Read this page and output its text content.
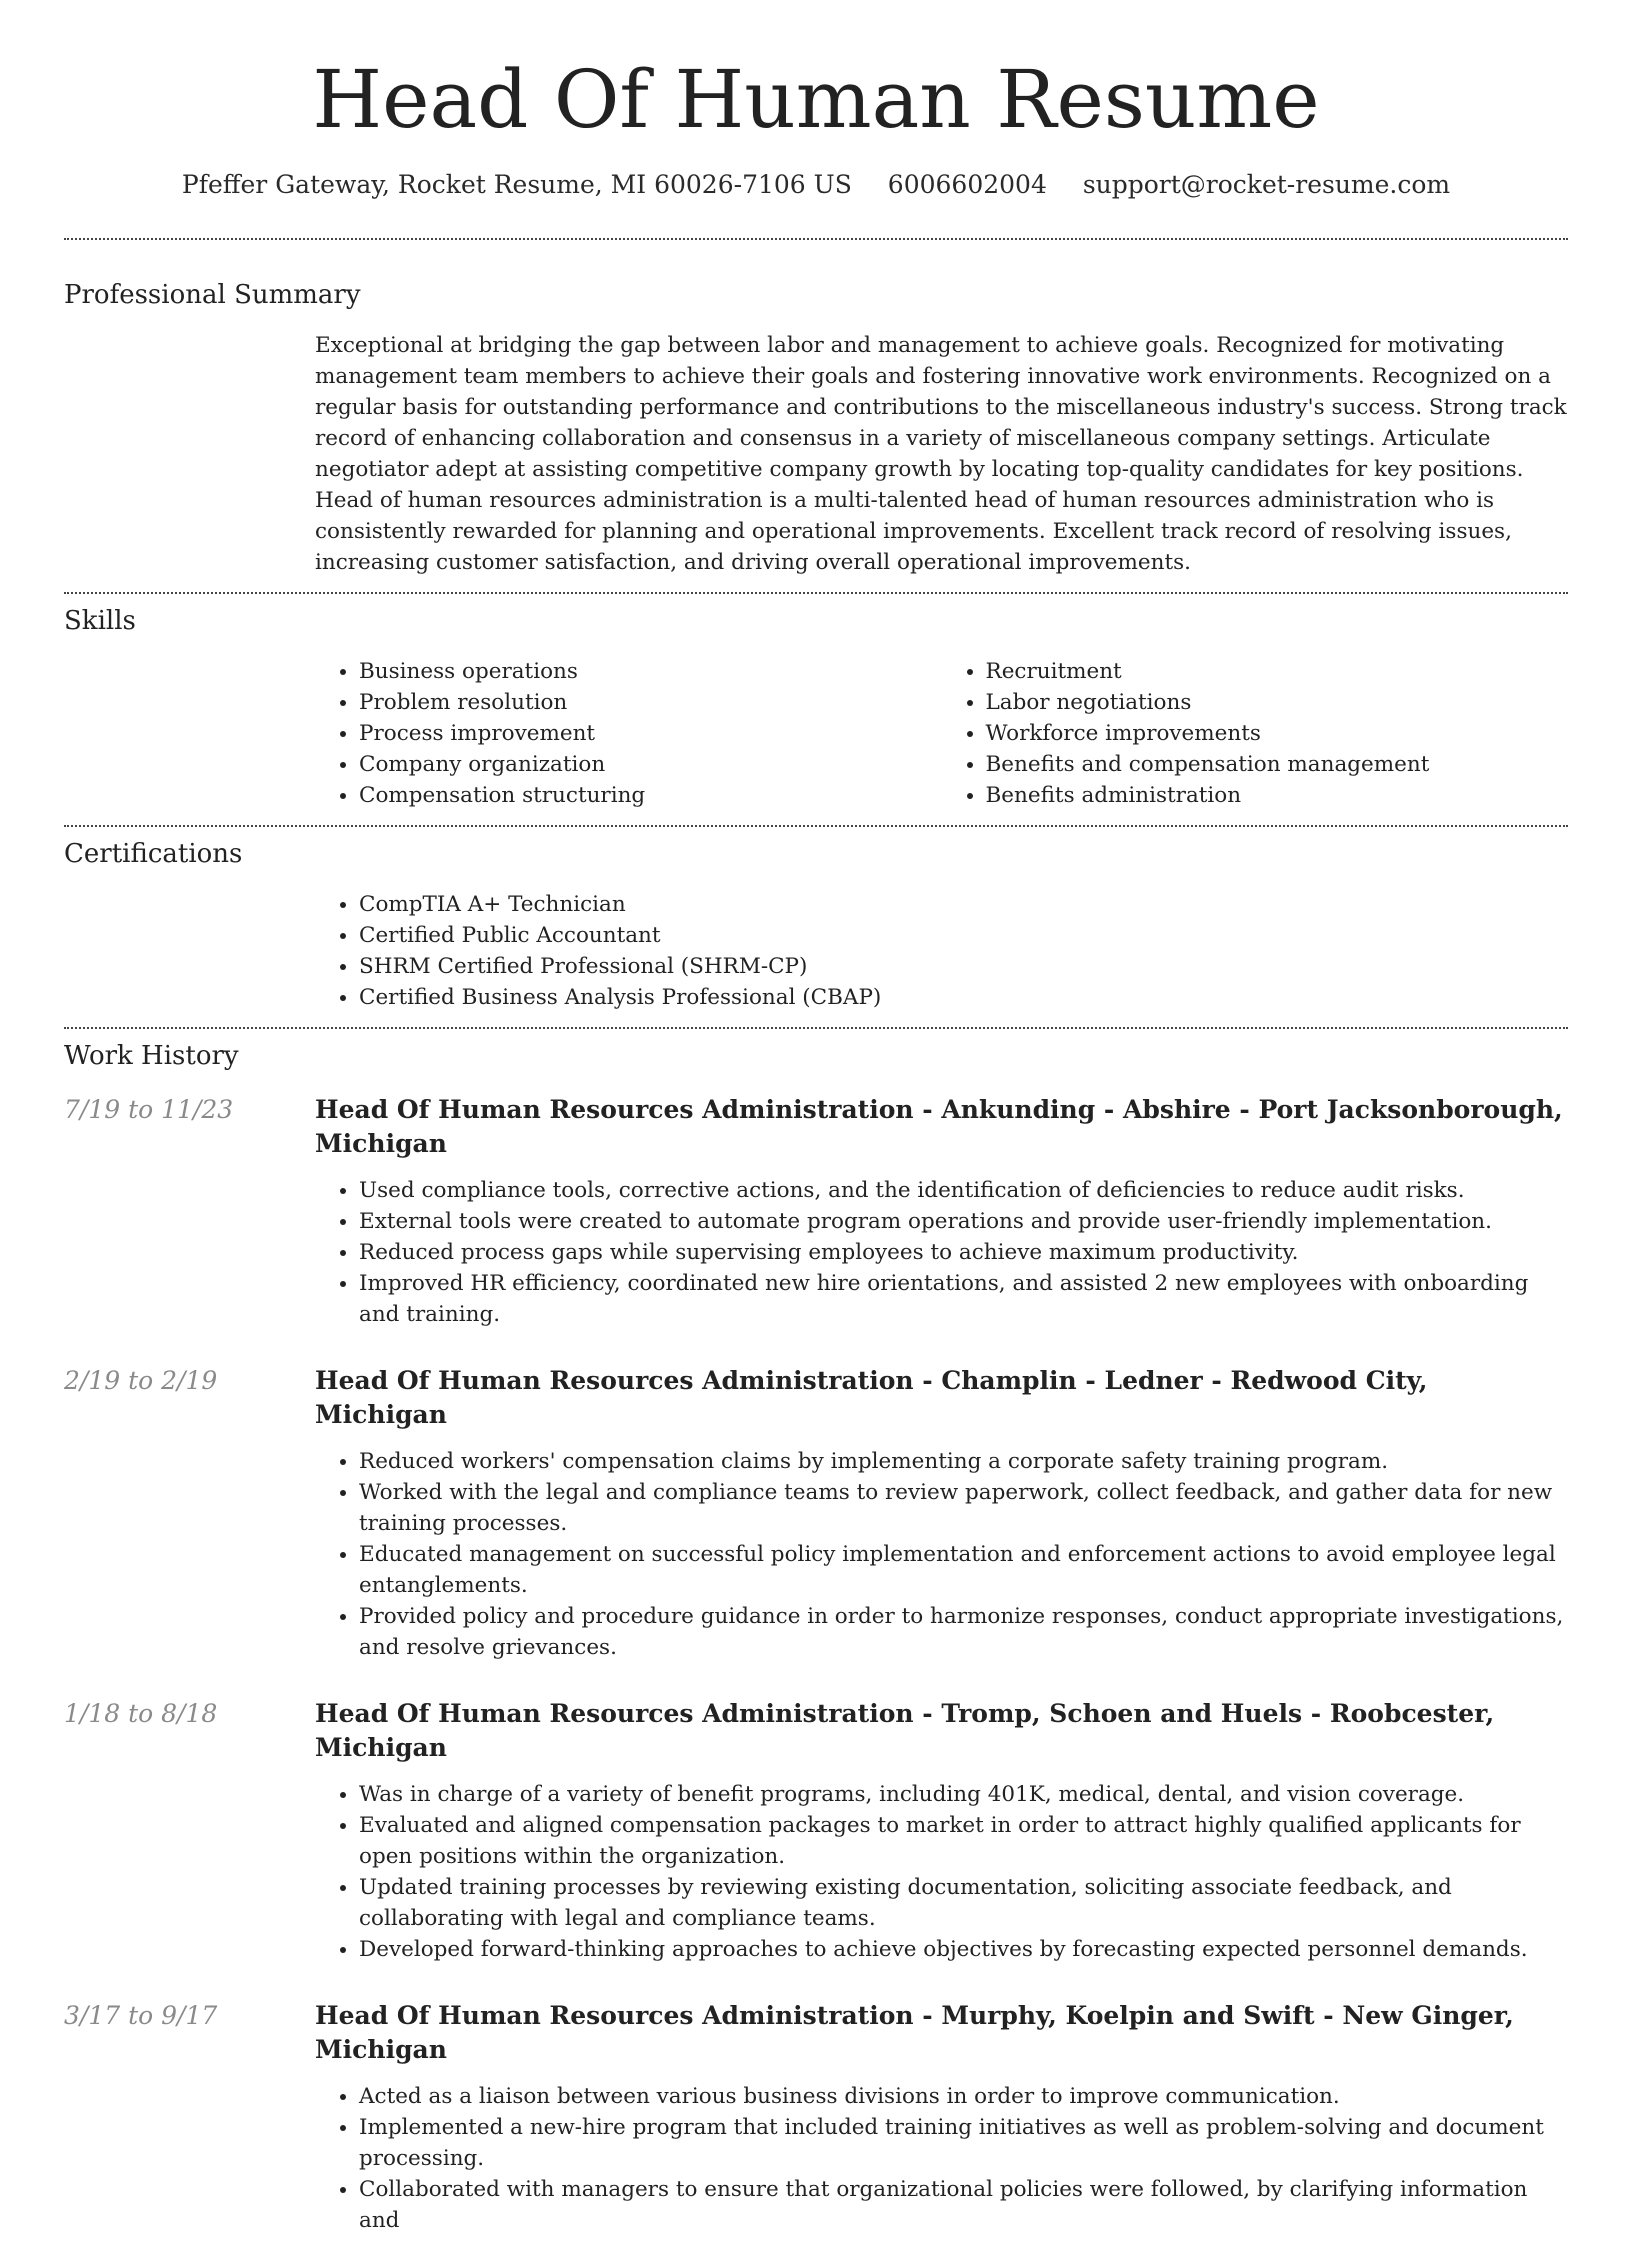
Head Of Human Resume
Pfeffer Gateway, Rocket Resume, MI 60026-7106 US 6006602004 support@rocket-resume.com
Professional Summary

Exceptional at bridging the gap between labor and management to achieve goals. Recognized for motivating management team members to achieve their goals and fostering innovative work environments. Recognized on a regular basis for outstanding performance and contributions to the miscellaneous industry's success. Strong track record of enhancing collaboration and consensus in a variety of miscellaneous company settings. Articulate negotiator adept at assisting competitive company growth by locating top-quality candidates for key positions. Head of human resources administration is a multi-talented head of human resources administration who is consistently rewarded for planning and operational improvements. Excellent track record of resolving issues, increasing customer satisfaction, and driving overall operational improvements.

Skills
• Business operations
• Problem resolution
• Process improvement
• Company organization
• Compensation structuring
• Recruitment
• Labor negotiations
• Workforce improvements
• Benefits and compensation management
• Benefits administration
Certifications
• CompTIA A+ Technician
• Certified Public Accountant
• SHRM Certified Professional (SHRM-CP)
• Certified Business Analysis Professional (CBAP)
Work History
7/19 to 11/23	Head Of Human Resources Administration - Ankunding - Abshire - Port Jacksonborough, Michigan
• Used compliance tools, corrective actions, and the identification of deficiencies to reduce audit risks.
• External tools were created to automate program operations and provide user-friendly implementation.
• Reduced process gaps while supervising employees to achieve maximum productivity.
• Improved HR efficiency, coordinated new hire orientations, and assisted 2 new employees with onboarding and training.
2/19 to 2/19	Head Of Human Resources Administration - Champlin - Ledner - Redwood City, Michigan
• Reduced workers' compensation claims by implementing a corporate safety training program.
• Worked with the legal and compliance teams to review paperwork, collect feedback, and gather data for new training processes.
• Educated management on successful policy implementation and enforcement actions to avoid employee legal entanglements.
• Provided policy and procedure guidance in order to harmonize responses, conduct appropriate investigations, and resolve grievances.
1/18 to 8/18	Head Of Human Resources Administration - Tromp, Schoen and Huels - Roobcester, Michigan
• Was in charge of a variety of benefit programs, including 401K, medical, dental, and vision coverage.
• Evaluated and aligned compensation packages to market in order to attract highly qualified applicants for open positions within the organization.
• Updated training processes by reviewing existing documentation, soliciting associate feedback, and collaborating with legal and compliance teams.
• Developed forward-thinking approaches to achieve objectives by forecasting expected personnel demands.
3/17 to 9/17	Head Of Human Resources Administration - Murphy, Koelpin and Swift - New Ginger, Michigan
• Acted as a liaison between various business divisions in order to improve communication.
• Implemented a new-hire program that included training initiatives as well as problem-solving and document processing.
• Collaborated with managers to ensure that organizational policies were followed, by clarifying information and
